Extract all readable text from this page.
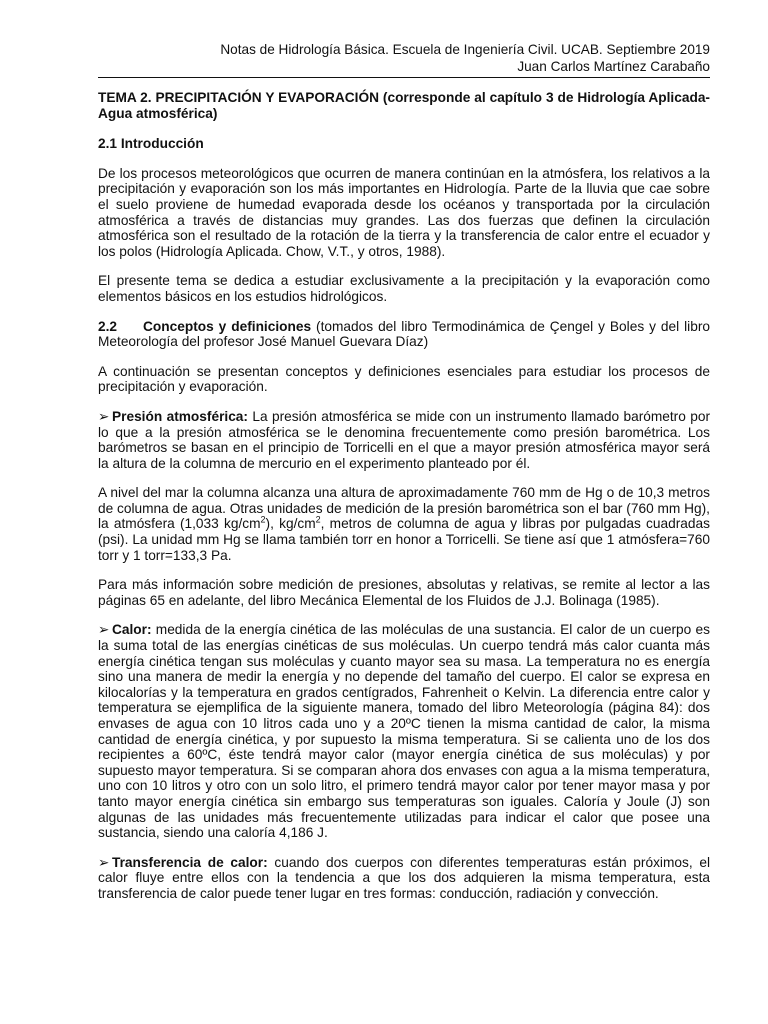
Notas de Hidrología Básica. Escuela de Ingeniería Civil. UCAB. Septiembre 2019
Juan Carlos Martínez Carabaño

TEMA 2. PRECIPITACIÓN Y EVAPORACIÓN (corresponde al capítulo 3 de Hidrología Aplicada-Agua atmosférica)

2.1 Introducción

De los procesos meteorológicos que ocurren de manera continúan en la atmósfera, los relativos a la precipitación y evaporación son los más importantes en Hidrología. Parte de la lluvia que cae sobre el suelo proviene de humedad evaporada desde los océanos y transportada por la circulación atmosférica a través de distancias muy grandes. Las dos fuerzas que definen la circulación atmosférica son el resultado de la rotación de la tierra y la transferencia de calor entre el ecuador y los polos (Hidrología Aplicada. Chow, V.T., y otros, 1988).

El presente tema se dedica a estudiar exclusivamente a la precipitación y la evaporación como elementos básicos en los estudios hidrológicos.

2.2 Conceptos y definiciones (tomados del libro Termodinámica de Çengel y Boles y del libro Meteorología del profesor José Manuel Guevara Díaz)

A continuación se presentan conceptos y definiciones esenciales para estudiar los procesos de precipitación y evaporación.

➢ Presión atmosférica: La presión atmosférica se mide con un instrumento llamado barómetro por lo que a la presión atmosférica se le denomina frecuentemente como presión barométrica. Los barómetros se basan en el principio de Torricelli en el que a mayor presión atmosférica mayor será la altura de la columna de mercurio en el experimento planteado por él.

A nivel del mar la columna alcanza una altura de aproximadamente 760 mm de Hg o de 10,3 metros de columna de agua. Otras unidades de medición de la presión barométrica son el bar (760 mm Hg), la atmósfera (1,033 $kg/cm^2$), $kg/cm^2$, metros de columna de agua y libras por pulgadas cuadradas (psi). La unidad mm Hg se llama también torr en honor a Torricelli. Se tiene así que 1 atmósfera=760 torr y 1 torr=133,3 Pa.

Para más información sobre medición de presiones, absolutas y relativas, se remite al lector a las páginas 65 en adelante, del libro Mecánica Elemental de los Fluidos de J.J. Bolinaga (1985).

➢ Calor: medida de la energía cinética de las moléculas de una sustancia. El calor de un cuerpo es la suma total de las energías cinéticas de sus moléculas. Un cuerpo tendrá más calor cuanta más energía cinética tengan sus moléculas y cuanto mayor sea su masa. La temperatura no es energía sino una manera de medir la energía y no depende del tamaño del cuerpo. El calor se expresa en kilocalorías y la temperatura en grados centígrados, Fahrenheit o Kelvin. La diferencia entre calor y temperatura se ejemplifica de la siguiente manera, tomado del libro Meteorología (página 84): dos envases de agua con 10 litros cada uno y a 20ºC tienen la misma cantidad de calor, la misma cantidad de energía cinética, y por supuesto la misma temperatura. Si se calienta uno de los dos recipientes a 60ºC, éste tendrá mayor calor (mayor energía cinética de sus moléculas) y por supuesto mayor temperatura. Si se comparan ahora dos envases con agua a la misma temperatura, uno con 10 litros y otro con un solo litro, el primero tendrá mayor calor por tener mayor masa y por tanto mayor energía cinética sin embargo sus temperaturas son iguales. Caloría y Joule (J) son algunas de las unidades más frecuentemente utilizadas para indicar el calor que posee una sustancia, siendo una caloría 4,186 J.

➢ Transferencia de calor: cuando dos cuerpos con diferentes temperaturas están próximos, el calor fluye entre ellos con la tendencia a que los dos adquieren la misma temperatura, esta transferencia de calor puede tener lugar en tres formas: conducción, radiación y convección.
